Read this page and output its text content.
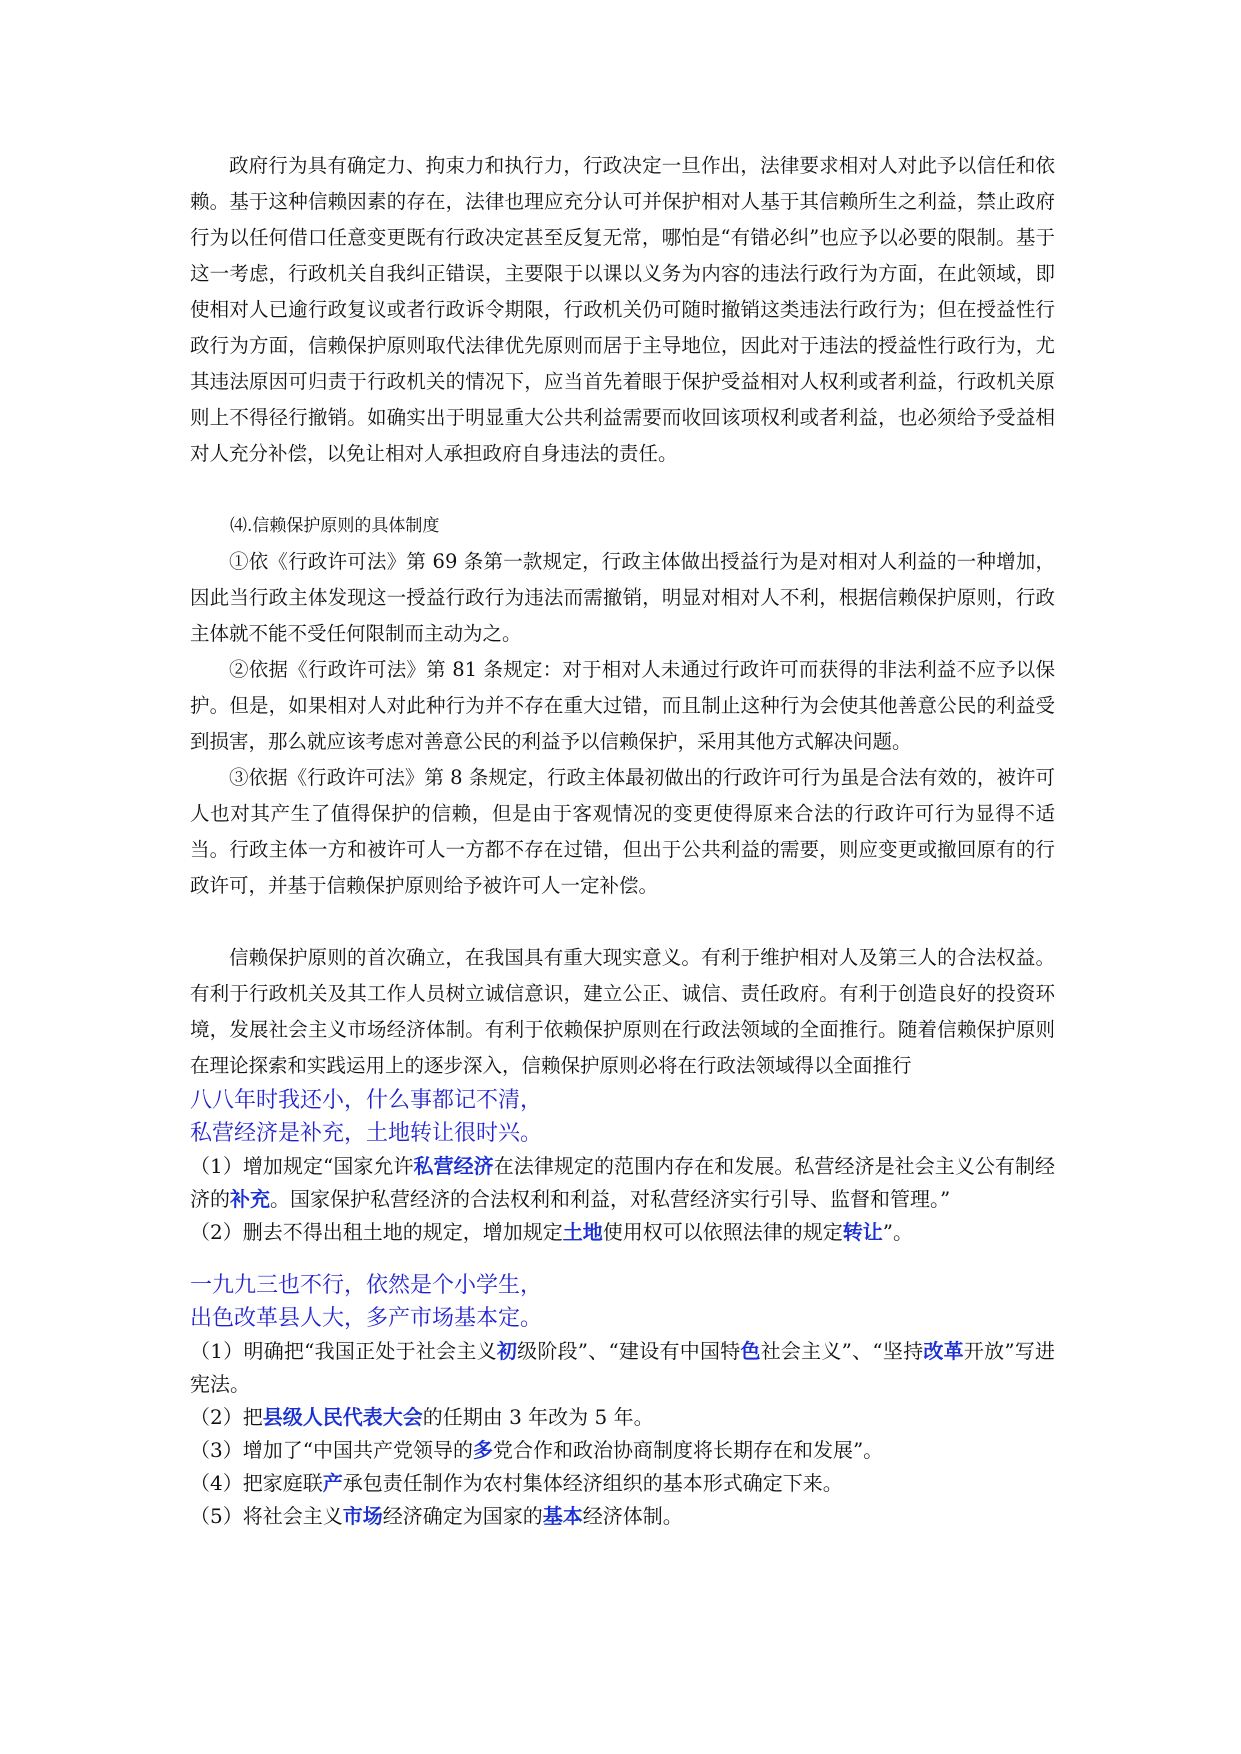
政府行为具有确定力、拘束力和执行力，行政决定一旦作出，法律要求相对人对此予以信任和依赖。基于这种信赖因素的存在，法律也理应充分认可并保护相对人基于其信赖所生之利益，禁止政府行为以任何借口任意变更既有行政决定甚至反复无常，哪怕是“有错必纠”也应予以必要的限制。基于这一考虑，行政机关自我纠正错误，主要限于以课以义务为内容的违法行政行为方面，在此领域，即使相对人已逾行政复议或者行政诉令期限，行政机关仍可随时撤销这类违法行政行为；但在授益性行政行为方面，信赖保护原则取代法律优先原则而居于主导地位，因此对于违法的授益性行政行为，尤其违法原因可归责于行政机关的情况下，应当首先着眼于保护受益相对人权利或者利益，行政机关原则上不得径行撤销。如确实出于明显重大公共利益需要而收回该项权利或者利益，也必须给予受益相对人充分补偿，以免让相对人承担政府自身违法的责任。

⑷.信赖保护原则的具体制度

①依《行政许可法》第 69 条第一款规定，行政主体做出授益行为是对相对人利益的一种增加，因此当行政主体发现这一授益行政行为违法而需撤销，明显对相对人不利，根据信赖保护原则，行政主体就不能不受任何限制而主动为之。

②依据《行政许可法》第 81 条规定：对于相对人未通过行政许可而获得的非法利益不应予以保护。但是，如果相对人对此种行为并不存在重大过错，而且制止这种行为会使其他善意公民的利益受到损害，那么就应该考虑对善意公民的利益予以信赖保护，采用其他方式解决问题。

③依据《行政许可法》第 8 条规定，行政主体最初做出的行政许可行为虽是合法有效的，被许可人也对其产生了值得保护的信赖，但是由于客观情况的变更使得原来合法的行政许可行为显得不适当。行政主体一方和被许可人一方都不存在过错，但出于公共利益的需要，则应变更或撤回原有的行政许可，并基于信赖保护原则给予被许可人一定补偿。

信赖保护原则的首次确立，在我国具有重大现实意义。有利于维护相对人及第三人的合法权益。有利于行政机关及其工作人员树立诚信意识，建立公正、诚信、责任政府。有利于创造良好的投资环境，发展社会主义市场经济体制。有利于依赖保护原则在行政法领域的全面推行。随着信赖保护原则在理论探索和实践运用上的逐步深入，信赖保护原则必将在行政法领域得以全面推行

八八年时我还小，什么事都记不清，

私营经济是补充，土地转让很时兴。

（1）增加规定“国家允许私营经济在法律规定的范围内存在和发展。私营经济是社会主义公有制经济的补充。国家保护私营经济的合法权利和利益，对私营经济实行引导、监督和管理。”

（2）删去不得出租土地的规定，增加规定土地使用权可以依照法律的规定转让”。

一九九三也不行，依然是个小学生，

出色改革县人大，多产市场基本定。

（1）明确把“我国正处于社会主义初级阶段”、“建设有中国特色社会主义”、“坚持改革开放”写进宪法。

（2）把县级人民代表大会的任期由 3 年改为 5 年。

（3）增加了“中国共产党领导的多党合作和政治协商制度将长期存在和发展”。

（4）把家庭联产承包责任制作为农村集体经济组织的基本形式确定下来。

（5）将社会主义市场经济确定为国家的基本经济体制。
